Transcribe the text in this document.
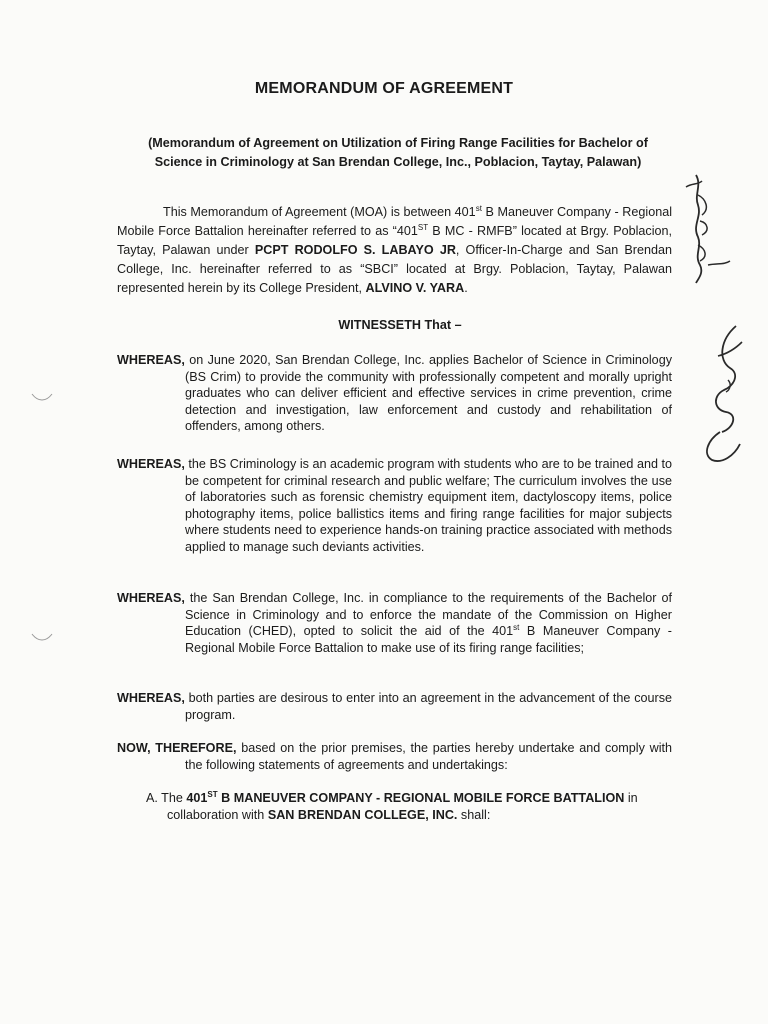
MEMORANDUM OF AGREEMENT
(Memorandum of Agreement on Utilization of Firing Range Facilities for Bachelor of
Science in Criminology at San Brendan College, Inc., Poblacion, Taytay, Palawan)
This Memorandum of Agreement (MOA) is between 401st B Maneuver Company - Regional Mobile Force Battalion hereinafter referred to as “401ST B MC - RMFB” located at Brgy. Poblacion, Taytay, Palawan under PCPT RODOLFO S. LABAYO JR, Officer-In-Charge and San Brendan College, Inc. hereinafter referred to as “SBCI” located at Brgy. Poblacion, Taytay, Palawan represented herein by its College President, ALVINO V. YARA.
WITNESSETH That –
WHEREAS, on June 2020, San Brendan College, Inc. applies Bachelor of Science in Criminology (BS Crim) to provide the community with professionally competent and morally upright graduates who can deliver efficient and effective services in crime prevention, crime detection and investigation, law enforcement and custody and rehabilitation of offenders, among others.
WHEREAS, the BS Criminology is an academic program with students who are to be trained and to be competent for criminal research and public welfare; The curriculum involves the use of laboratories such as forensic chemistry equipment item, dactyloscopy items, police photography items, police ballistics items and firing range facilities for major subjects where students need to experience hands-on training practice associated with methods applied to manage such deviants activities.
WHEREAS, the San Brendan College, Inc. in compliance to the requirements of the Bachelor of Science in Criminology and to enforce the mandate of the Commission on Higher Education (CHED), opted to solicit the aid of the 401st B Maneuver Company - Regional Mobile Force Battalion to make use of its firing range facilities;
WHEREAS, both parties are desirous to enter into an agreement in the advancement of the course program.
NOW, THEREFORE, based on the prior premises, the parties hereby undertake and comply with the following statements of agreements and undertakings:
A. The 401ST B MANEUVER COMPANY - REGIONAL MOBILE FORCE BATTALION in collaboration with SAN BRENDAN COLLEGE, INC. shall:
